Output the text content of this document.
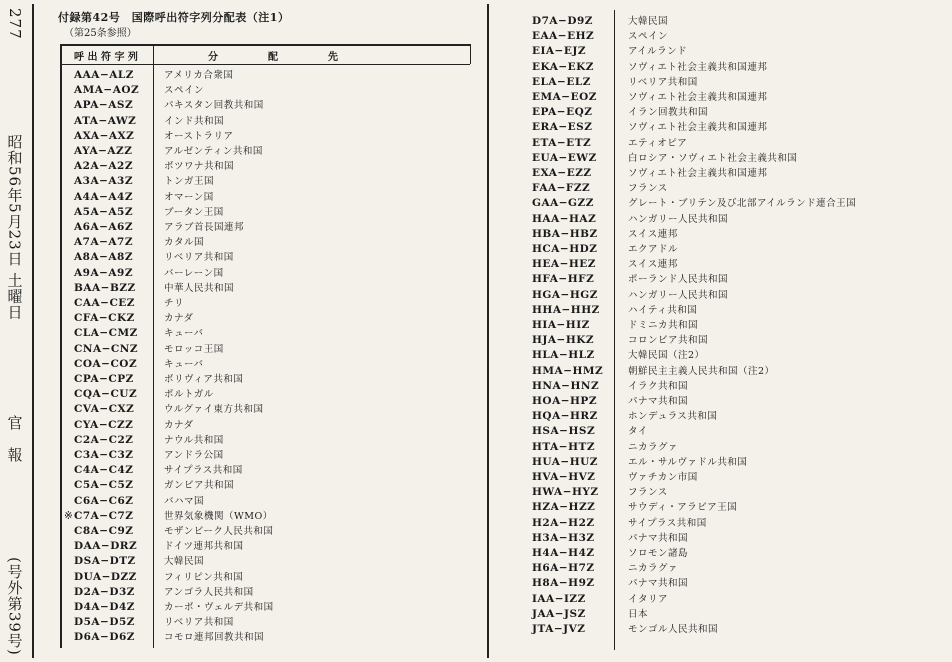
277
昭和56年5月23日 土曜日
官　報
(号外第39号)
付録第42号　国際呼出符字列分配表（注1）
（第25条参照）
呼 出 符 字 列	分　　　　　配　　　　　先
AAA−ALZ	アメリカ合衆国
AMA−AOZ	スペイン
APA−ASZ	パキスタン回教共和国
ATA−AWZ	インド共和国
AXA−AXZ	オーストラリア
AYA−AZZ	アルゼンティン共和国
A2A−A2Z	ボツワナ共和国
A3A−A3Z	トンガ王国
A4A−A4Z	オマーン国
A5A−A5Z	ブータン王国
A6A−A6Z	アラブ首長国連邦
A7A−A7Z	カタル国
A8A−A8Z	リベリア共和国
A9A−A9Z	バーレーン国
BAA−BZZ	中華人民共和国
CAA−CEZ	チリ
CFA−CKZ	カナダ
CLA−CMZ	キューバ
CNA−CNZ	モロッコ王国
COA−COZ	キューバ
CPA−CPZ	ボリヴィア共和国
CQA−CUZ	ポルトガル
CVA−CXZ	ウルグァイ東方共和国
CYA−CZZ	カナダ
C2A−C2Z	ナウル共和国
C3A−C3Z	アンドラ公国
C4A−C4Z	サイプラス共和国
C5A−C5Z	ガンビア共和国
C6A−C6Z	バハマ国
※ C7A−C7Z	世界気象機関（WMO）
C8A−C9Z	モザンビーク人民共和国
DAA−DRZ	ドイツ連邦共和国
DSA−DTZ	大韓民国
DUA−DZZ	フィリピン共和国
D2A−D3Z	アンゴラ人民共和国
D4A−D4Z	カーボ・ヴェルデ共和国
D5A−D5Z	リベリア共和国
D6A−D6Z	コモロ連邦回教共和国
D7A−D9Z	大韓民国
EAA−EHZ	スペイン
EIA−EJZ	アイルランド
EKA−EKZ	ソヴィエト社会主義共和国連邦
ELA−ELZ	リベリア共和国
EMA−EOZ	ソヴィエト社会主義共和国連邦
EPA−EQZ	イラン回教共和国
ERA−ESZ	ソヴィエト社会主義共和国連邦
ETA−ETZ	エティオピア
EUA−EWZ	白ロシア・ソヴィエト社会主義共和国
EXA−EZZ	ソヴィエト社会主義共和国連邦
FAA−FZZ	フランス
GAA−GZZ	グレート・ブリテン及び北部アイルランド連合王国
HAA−HAZ	ハンガリー人民共和国
HBA−HBZ	スイス連邦
HCA−HDZ	エクアドル
HEA−HEZ	スイス連邦
HFA−HFZ	ポーランド人民共和国
HGA−HGZ	ハンガリー人民共和国
HHA−HHZ	ハイティ共和国
HIA−HIZ	ドミニカ共和国
HJA−HKZ	コロンビア共和国
HLA−HLZ	大韓民国（注2）
HMA−HMZ	朝鮮民主主義人民共和国（注2）
HNA−HNZ	イラク共和国
HOA−HPZ	パナマ共和国
HQA−HRZ	ホンデュラス共和国
HSA−HSZ	タイ
HTA−HTZ	ニカラグァ
HUA−HUZ	エル・サルヴァドル共和国
HVA−HVZ	ヴァチカン市国
HWA−HYZ	フランス
HZA−HZZ	サウディ・アラビア王国
H2A−H2Z	サイプラス共和国
H3A−H3Z	パナマ共和国
H4A−H4Z	ソロモン諸島
H6A−H7Z	ニカラグァ
H8A−H9Z	パナマ共和国
IAA−IZZ	イタリア
JAA−JSZ	日本
JTA−JVZ	モンゴル人民共和国
